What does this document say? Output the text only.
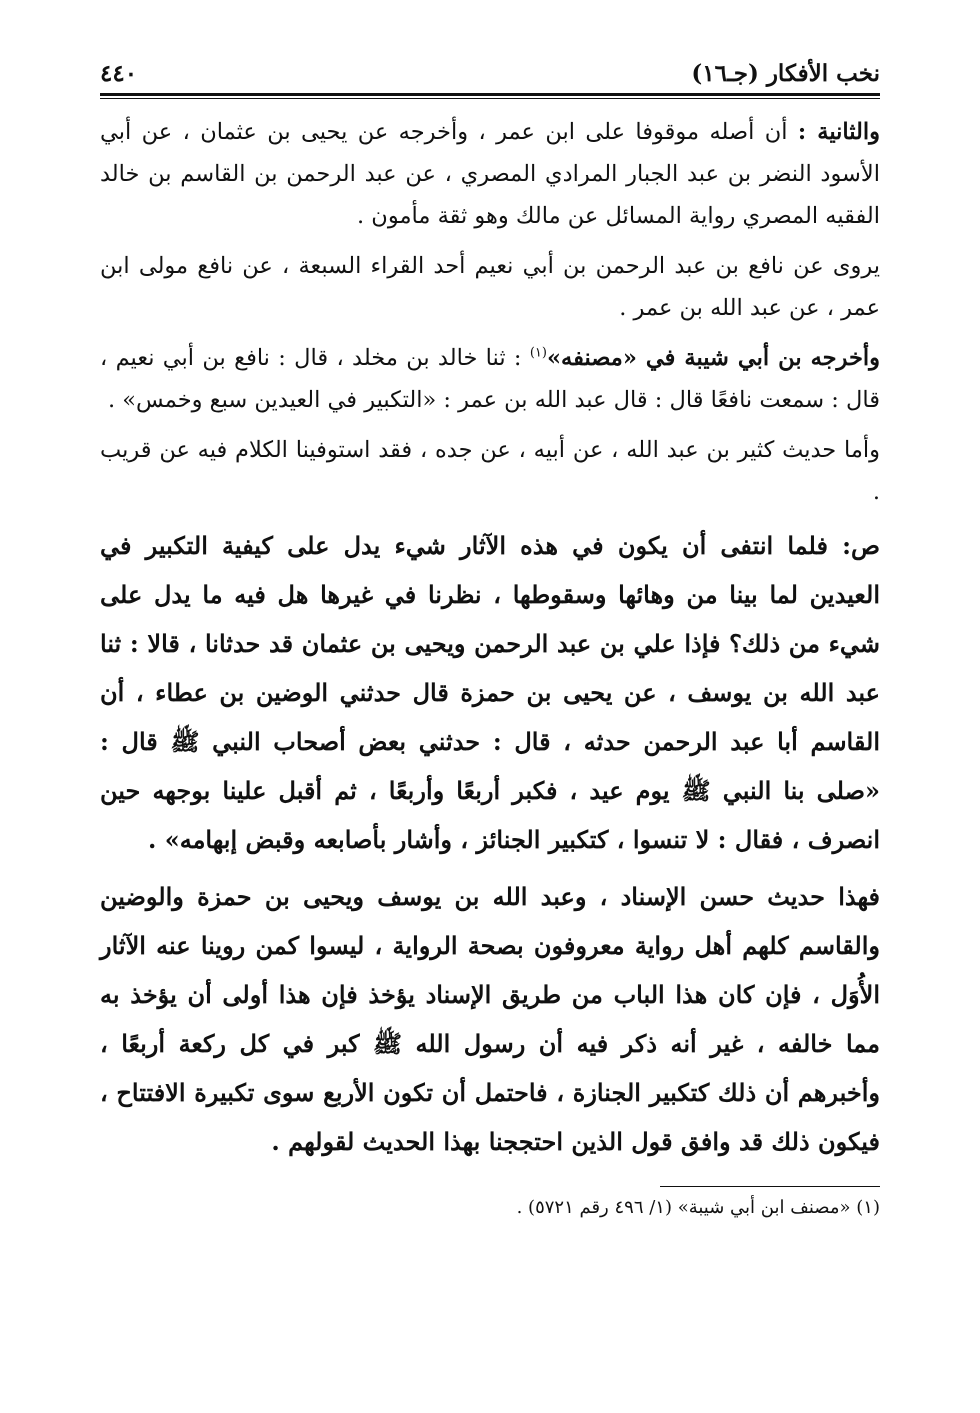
نخب الأفكار (جـ١٦)
٤٤٠

والثانية : أن أصله موقوفا على ابن عمر ، وأخرجه عن يحيى بن عثمان ، عن أبي الأسود النضر بن عبد الجبار المرادي المصري ، عن عبد الرحمن بن القاسم بن خالد الفقيه المصري رواية المسائل عن مالك وهو ثقة مأمون .

يروى عن نافع بن عبد الرحمن بن أبي نعيم أحد القراء السبعة ، عن نافع مولى ابن عمر ، عن عبد الله بن عمر .

وأخرجه بن أبي شيبة في «مصنفه»$^{(١)}$ : ثنا خالد بن مخلد ، قال : نافع بن أبي نعيم ، قال : سمعت نافعًا قال : قال عبد الله بن عمر : «التكبير في العيدين سبع وخمس» .

وأما حديث كثير بن عبد الله ، عن أبيه ، عن جده ، فقد استوفينا الكلام فيه عن قريب .

ص: فلما انتفى أن يكون في هذه الآثار شيء يدل على كيفية التكبير في العيدين لما بينا من وهائها وسقوطها ، نظرنا في غيرها هل فيه ما يدل على شيء من ذلك؟ فإذا علي بن عبد الرحمن ويحيى بن عثمان قد حدثانا ، قالا : ثنا عبد الله بن يوسف ، عن يحيى بن حمزة قال حدثني الوضين بن عطاء ، أن القاسم أبا عبد الرحمن حدثه ، قال : حدثني بعض أصحاب النبي ﷺ قال : «صلى بنا النبي ﷺ يوم عيد ، فكبر أربعًا وأربعًا ، ثم أقبل علينا بوجهه حين انصرف ، فقال : لا تنسوا ، كتكبير الجنائز ، وأشار بأصابعه وقبض إبهامه» .

فهذا حديث حسن الإسناد ، وعبد الله بن يوسف ويحيى بن حمزة والوضين والقاسم كلهم أهل رواية معروفون بصحة الرواية ، ليسوا كمن روينا عنه الآثار الأُوَل ، فإن كان هذا الباب من طريق الإسناد يؤخذ فإن هذا أولى أن يؤخذ به مما خالفه ، غير أنه ذكر فيه أن رسول الله ﷺ كبر في كل ركعة أربعًا ، وأخبرهم أن ذلك كتكبير الجنازة ، فاحتمل أن تكون الأربع سوى تكبيرة الافتتاح ، فيكون ذلك قد وافق قول الذين احتججنا بهذا الحديث لقولهم .

(١) «مصنف ابن أبي شيبة» (١/ ٤٩٦ رقم ٥٧٢١) .
